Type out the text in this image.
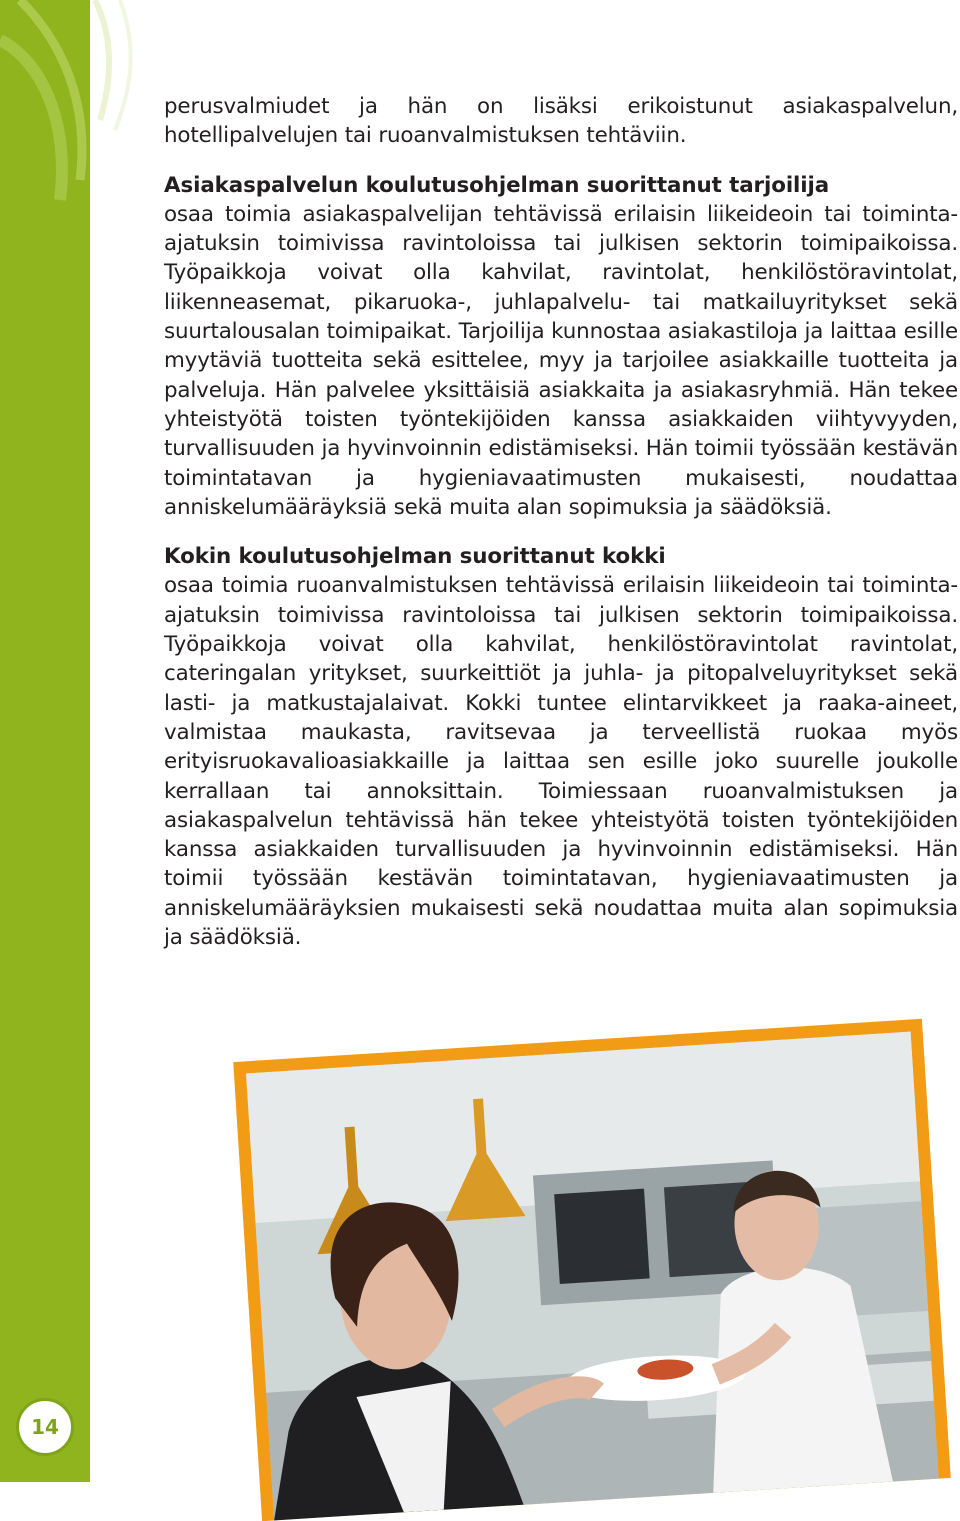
perusvalmiudet ja hän on lisäksi erikoistunut asiakaspalvelun, hotellipalvelujen tai ruoanvalmistuksen tehtäviin.

Asiakaspalvelun koulutusohjelman suorittanut tarjoilija

osaa toimia asiakaspalvelijan tehtävissä erilaisin liikeideoin tai toiminta-ajatuksin toimivissa ravintoloissa tai julkisen sektorin toimipaikoissa. Työpaikkoja voivat olla kahvilat, ravintolat, henkilöstöravintolat, liikenneasemat, pikaruoka-, juhlapalvelu- tai matkailuyritykset sekä suurtalousalan toimipaikat. Tarjoilija kunnostaa asiakastiloja ja laittaa esille myytäviä tuotteita sekä esittelee, myy ja tarjoilee asiakkaille tuotteita ja palveluja. Hän palvelee yksittäisiä asiakkaita ja asiakasryhmiä. Hän tekee yhteistyötä toisten työntekijöiden kanssa asiakkaiden viihtyvyyden, turvallisuuden ja hyvinvoinnin edistämiseksi. Hän toimii työssään kestävän toimintatavan ja hygieniavaatimusten mukaisesti, noudattaa anniskelumääräyksiä sekä muita alan sopimuksia ja säädöksiä.

Kokin koulutusohjelman suorittanut kokki

osaa toimia ruoanvalmistuksen tehtävissä erilaisin liikeideoin tai toiminta-ajatuksin toimivissa ravintoloissa tai julkisen sektorin toimipaikoissa. Työpaikkoja voivat olla kahvilat, henkilöstöravintolat ravintolat, cateringalan yritykset, suurkeittiöt ja juhla- ja pitopalveluyritykset sekä lasti- ja matkustajalaivat. Kokki tuntee elintarvikkeet ja raaka-aineet, valmistaa maukasta, ravitsevaa ja terveellistä ruokaa myös erityisruokavalioasiakkaille ja laittaa sen esille joko suurelle joukolle kerrallaan tai annoksittain. Toimiessaan ruoanvalmistuksen ja asiakaspalvelun tehtävissä hän tekee yhteistyötä toisten työntekijöiden kanssa asiakkaiden turvallisuuden ja hyvinvoinnin edistämiseksi. Hän toimii työssään kestävän toimintatavan, hygieniavaatimusten ja anniskelumääräyksien mukaisesti sekä noudattaa muita alan sopimuksia ja säädöksiä.

14
